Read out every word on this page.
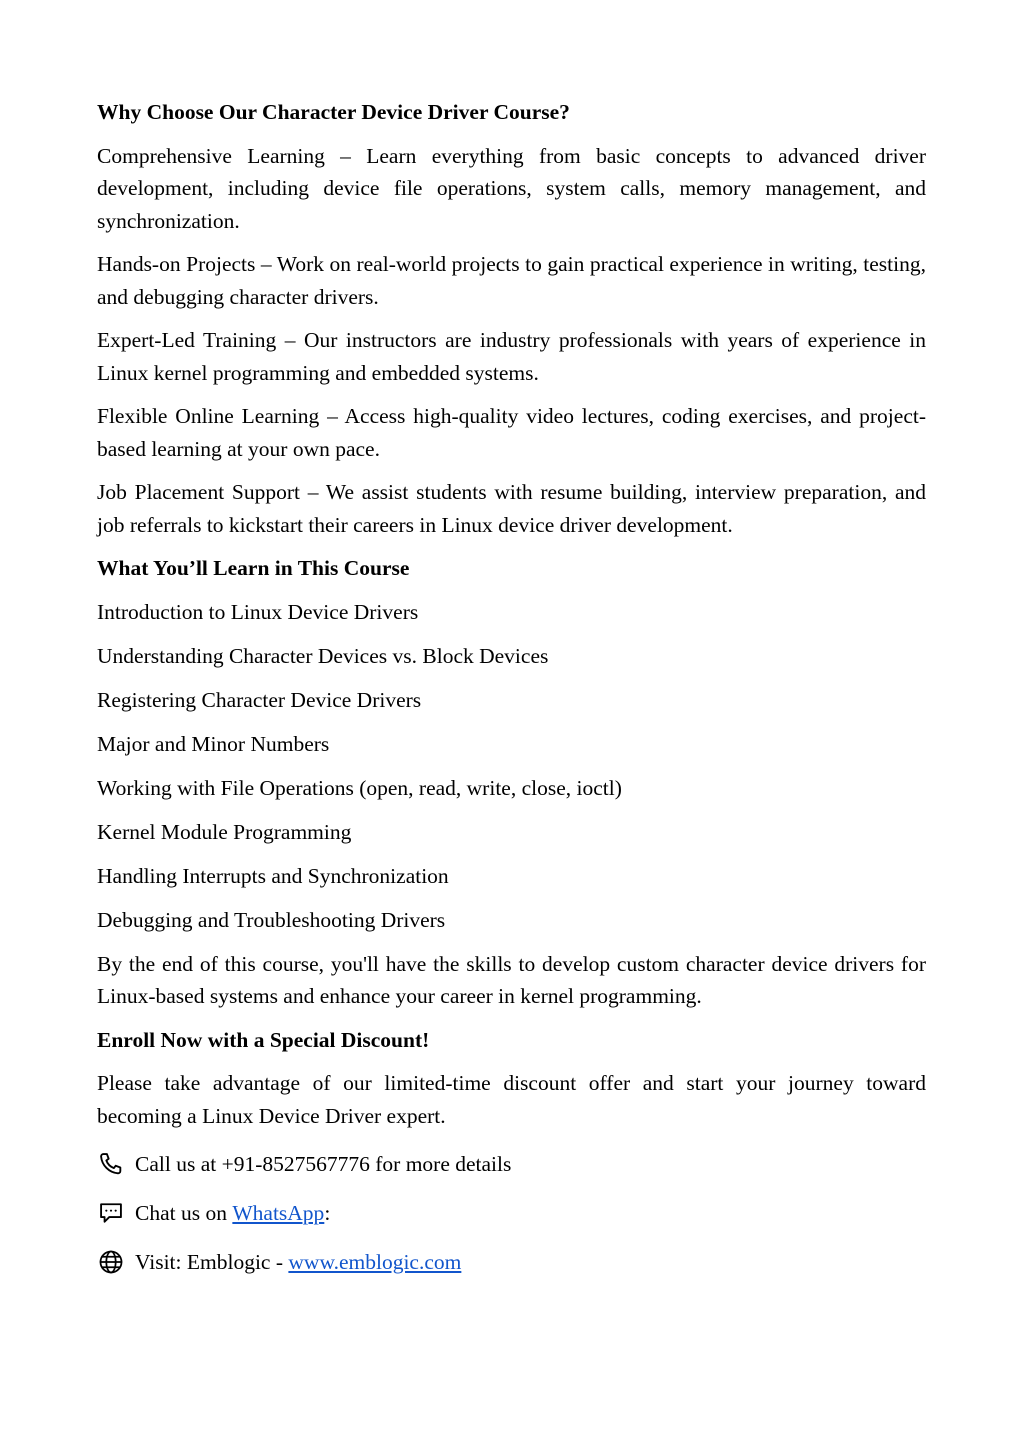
Why Choose Our Character Device Driver Course?

Comprehensive Learning – Learn everything from basic concepts to advanced driver development, including device file operations, system calls, memory management, and synchronization.

Hands-on Projects – Work on real-world projects to gain practical experience in writing, testing, and debugging character drivers.

Expert-Led Training – Our instructors are industry professionals with years of experience in Linux kernel programming and embedded systems.

Flexible Online Learning – Access high-quality video lectures, coding exercises, and project-based learning at your own pace.

Job Placement Support – We assist students with resume building, interview preparation, and job referrals to kickstart their careers in Linux device driver development.

What You’ll Learn in This Course

Introduction to Linux Device Drivers

Understanding Character Devices vs. Block Devices

Registering Character Device Drivers

Major and Minor Numbers

Working with File Operations (open, read, write, close, ioctl)

Kernel Module Programming

Handling Interrupts and Synchronization

Debugging and Troubleshooting Drivers

By the end of this course, you'll have the skills to develop custom character device drivers for Linux-based systems and enhance your career in kernel programming.

Enroll Now with a Special Discount!

Please take advantage of our limited-time discount offer and start your journey toward becoming a Linux Device Driver expert.

Call us at +91-8527567776 for more details
Chat us on WhatsApp :
Visit: Emblogic - www.emblogic.com
